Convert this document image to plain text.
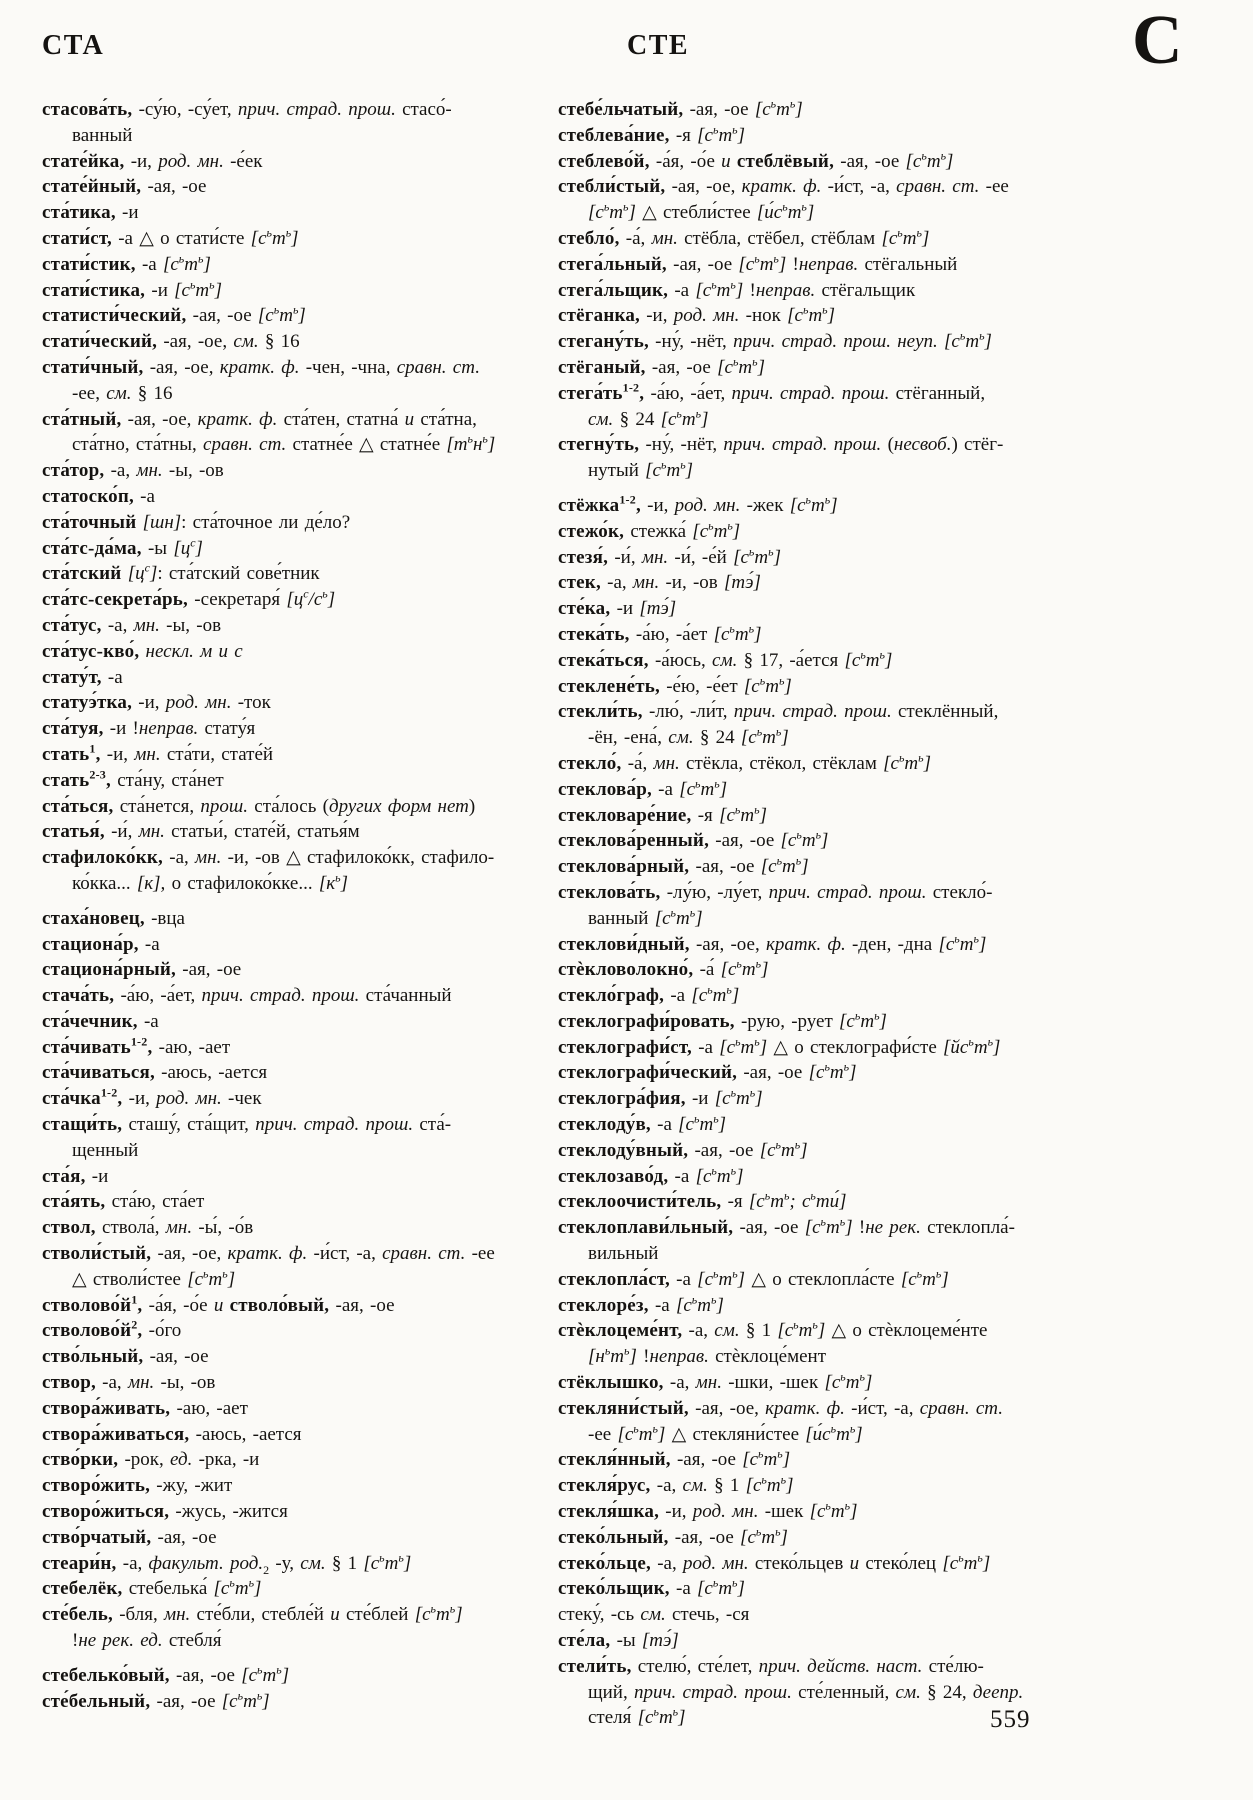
СТА	СТЕ	С
стасова́ть, -су́ю, -су́ет, прич. страд. прош. стасо́-
ванный
стате́йка, -и, род. мн. -е́ек
стате́йный, -ая, -ое
ста́тика, -и
стати́ст, -а △ о стати́сте $[с^ьт^ь]$
стати́стик, -а $[с^ьт^ь]$
стати́стика, -и $[с^ьт^ь]$
статисти́ческий, -ая, -ое $[с^ьт^ь]$
стати́ческий, -ая, -ое, см. § 16
стати́чный, -ая, -ое, кратк. ф. -чен, -чна, сравн. ст.
-ее, см. § 16
ста́тный, -ая, -ое, кратк. ф. ста́тен, статна́ и ста́тна,
ста́тно, ста́тны, сравн. ст. статне́е △ статне́е $[т^ьн^ь]$
ста́тор, -а, мн. -ы, -ов
статоско́п, -а
ста́точный [шн]: ста́точное ли де́ло?
ста́тс-да́ма, -ы $[ц^с]$
ста́тский $[ц^с]$: ста́тский сове́тник
ста́тс-секрета́рь, -секретаря́ $[ц^с/с^ь]$
ста́тус, -а, мн. -ы, -ов
ста́тус-кво́, нескл. м и с
стату́т, -а
статуэ́тка, -и, род. мн. -ток
ста́туя, -и !неправ. стату́я
стать$^1$, -и, мн. ста́ти, стате́й
стать$^{2-3}$, ста́ну, ста́нет
ста́ться, ста́нется, прош. ста́лось (других форм нет)
статья́, -и́, мн. статьи́, стате́й, статья́м
стафилоко́кк, -а, мн. -и, -ов △ стафилоко́кк, стафило-
ко́кка... [к], о стафилоко́кке... $[к^ь]$
стаха́новец, -вца
стациона́р, -а
стациона́рный, -ая, -ое
стача́ть, -а́ю, -а́ет, прич. страд. прош. ста́чанный
ста́чечник, -а
ста́чивать$^{1-2}$, -аю, -ает
ста́чиваться, -аюсь, -ается
ста́чка$^{1-2}$, -и, род. мн. -чек
стащи́ть, сташу́, ста́щит, прич. страд. прош. ста́-
щенный
ста́я, -и
ста́ять, ста́ю, ста́ет
ствол, ствола́, мн. -ы́, -о́в
стволи́стый, -ая, -ое, кратк. ф. -и́ст, -а, сравн. ст. -ее
△ стволи́стее $[с^ьт^ь]$
$стволово́й^1$, -а́я, -о́е и стволо́вый, -ая, -ое
$стволово́й^2$, -о́го
ство́льный, -ая, -ое
створ, -а, мн. -ы, -ов
створа́живать, -аю, -ает
створа́живаться, -аюсь, -ается
ство́рки, -рок, ед. -рка, -и
створо́жить, -жу, -жит
створо́житься, -жусь, -жится
ство́рчатый, -ая, -ое
стеари́н, -а, факульт. $род._2$ -у, см. § 1 $[с^ьт^ь]$
стебелёк, стебелька́ $[с^ьт^ь]$
сте́бель, -бля, мн. сте́бли, стебле́й и сте́блей $[с^ьт^ь]$
!не рек. ед. стебля́
стебелько́вый, -ая, -ое $[с^ьт^ь]$
сте́бельный, -ая, -ое $[с^ьт^ь]$
стебе́льчатый, -ая, -ое $[с^ьт^ь]$
стеблева́ние, -я $[с^ьт^ь]$
стеблево́й, -а́я, -о́е и стеблёвый, -ая, -ое $[с^ьт^ь]$
стебли́стый, -ая, -ое, кратк. ф. -и́ст, -а, сравн. ст. -ее
$[с^ьт^ь]$ △ стебли́стее $[и́с^ьт^ь]$
стебло́, -а́, мн. стёбла, стёбел, стёблам $[с^ьт^ь]$
стега́льный, -ая, -ое $[с^ьт^ь]$ !неправ. стёгальный
стега́льщик, -а $[с^ьт^ь]$ !неправ. стёгальщик
стёганка, -и, род. мн. -нок $[с^ьт^ь]$
стегану́ть, -ну́, -нёт, прич. страд. прош. неуп. $[с^ьт^ь]$
стёганый, -ая, -ое $[с^ьт^ь]$
$стега́ть^{1-2}$, -а́ю, -а́ет, прич. страд. прош. стёганный,
см. § 24 $[с^ьт^ь]$
стегну́ть, -ну́, -нёт, прич. страд. прош. (несвоб.) стёг-
нутый $[с^ьт^ь]$
стёжка$^{1-2}$, -и, род. мн. -жек $[с^ьт^ь]$
стежо́к, стежка́ $[с^ьт^ь]$
стезя́, -и́, мн. -и́, -е́й $[с^ьт^ь]$
стек, -а, мн. -и, -ов [тэ́]
сте́ка, -и [тэ́]
стека́ть, -а́ю, -а́ет $[с^ьт^ь]$
стека́ться, -а́юсь, см. § 17, -а́ется $[с^ьт^ь]$
стеклене́ть, -е́ю, -е́ет $[с^ьт^ь]$
стекли́ть, -лю́, -ли́т, прич. страд. прош. стеклённый,
-ён, -ена́, см. § 24 $[с^ьт^ь]$
стекло́, -а́, мн. стёкла, стёкол, стёклам $[с^ьт^ь]$
стеклова́р, -а $[с^ьт^ь]$
стекловаре́ние, -я $[с^ьт^ь]$
стеклова́ренный, -ая, -ое $[с^ьт^ь]$
стеклова́рный, -ая, -ое $[с^ьт^ь]$
стеклова́ть, -лу́ю, -лу́ет, прич. страд. прош. стекло́-
ванный $[с^ьт^ь]$
стеклови́дный, -ая, -ое, кратк. ф. -ден, -дна $[с^ьт^ь]$
стѐкловолокно́, -а́ $[с^ьт^ь]$
стекло́граф, -а $[с^ьт^ь]$
стеклографи́ровать, -рую, -рует $[с^ьт^ь]$
стеклографи́ст, -а $[с^ьт^ь]$ △ о стеклографи́сте $[йс^ьт^ь]$
стеклографи́ческий, -ая, -ое $[с^ьт^ь]$
стеклогра́фия, -и $[с^ьт^ь]$
стеклоду́в, -а $[с^ьт^ь]$
стеклоду́вный, -ая, -ое $[с^ьт^ь]$
стеклозаво́д, -а $[с^ьт^ь]$
стеклоочисти́тель, -я [$с^ьт^ь$; $с^ьти́$]
стеклоплави́льный, -ая, -ое $[с^ьт^ь]$ !не рек. стеклопла́-
вильный
стеклопла́ст, -а $[с^ьт^ь]$ △ о стеклопла́сте $[с^ьт^ь]$
стеклоре́з, -а $[с^ьт^ь]$
стѐклоцеме́нт, -а, см. § 1 $[с^ьт^ь]$ △ о стѐклоцеме́нте
$[н^ьт^ь]$ !неправ. стѐклоце́мент
стёклышко, -а, мн. -шки, -шек $[с^ьт^ь]$
стекляни́стый, -ая, -ое, кратк. ф. -и́ст, -а, сравн. ст.
-ее $[с^ьт^ь]$ △ стекляни́стее $[и́с^ьт^ь]$
стекля́нный, -ая, -ое $[с^ьт^ь]$
стекля́рус, -а, см. § 1 $[с^ьт^ь]$
стекля́шка, -и, род. мн. -шек $[с^ьт^ь]$
стеко́льный, -ая, -ое $[с^ьт^ь]$
стеко́льце, -а, род. мн. стеко́льцев и стеко́лец $[с^ьт^ь]$
стеко́льщик, -а $[с^ьт^ь]$
стеку́, -сь см. стечь, -ся
сте́ла, -ы [тэ́]
стели́ть, стелю́, сте́лет, прич. действ. наст. сте́лю-
щий, прич. страд. прош. сте́ленный, см. § 24, деепр.
стеля́ $[с^ьт^ь]$	559
